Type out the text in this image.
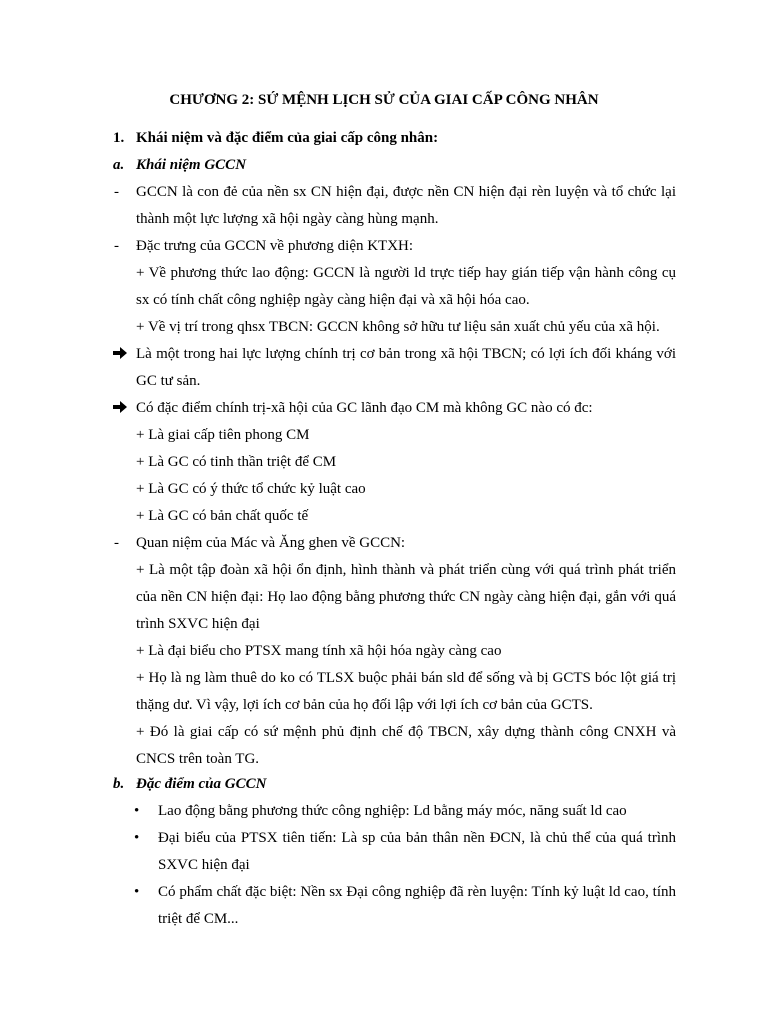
CHƯƠNG 2: SỨ MỆNH LỊCH SỬ CỦA GIAI CẤP CÔNG NHÂN
1. Khái niệm và đặc điểm của giai cấp công nhân:
a. Khái niệm GCCN
- GCCN là con đẻ của nền sx CN hiện đại, được nền CN hiện đại rèn luyện và tổ chức lại
thành một lực lượng xã hội ngày càng hùng mạnh.
- Đặc trưng của GCCN về phương diện KTXH:
+ Về phương thức lao động: GCCN là người ld trực tiếp hay gián tiếp vận hành công cụ
sx có tính chất công nghiệp ngày càng hiện đại và xã hội hóa cao.
+ Về vị trí trong qhsx TBCN: GCCN không sở hữu tư liệu sản xuất chủ yếu của xã hội.
Là một trong hai lực lượng chính trị cơ bản trong xã hội TBCN; có lợi ích đối kháng với
GC tư sản.
Có đặc điểm chính trị-xã hội của GC lãnh đạo CM mà không GC nào có đc:
+ Là giai cấp tiên phong CM
+ Là GC có tinh thần triệt để CM
+ Là GC có ý thức tổ chức kỷ luật cao
+ Là GC có bản chất quốc tế
- Quan niệm của Mác và Ăng ghen về GCCN:
+ Là một tập đoàn xã hội ổn định, hình thành và phát triển cùng với quá trình phát triển
của nền CN hiện đại: Họ lao động bằng phương thức CN ngày càng hiện đại, gắn với quá
trình SXVC hiện đại
+ Là đại biểu cho PTSX mang tính xã hội hóa ngày càng cao
+ Họ là ng làm thuê do ko có TLSX buộc phải bán sld để sống và bị GCTS bóc lột giá trị
thặng dư. Vì vậy, lợi ích cơ bản của họ đối lập với lợi ích cơ bản của GCTS.
+ Đó là giai cấp có sứ mệnh phủ định chế độ TBCN, xây dựng thành công CNXH và
CNCS trên toàn TG.
b. Đặc điểm của GCCN
• Lao động bằng phương thức công nghiệp: Ld bằng máy móc, năng suất ld cao
• Đại biểu của PTSX tiên tiến: Là sp của bản thân nền ĐCN, là chủ thể của quá trình
SXVC hiện đại
• Có phẩm chất đặc biệt: Nền sx Đại công nghiệp đã rèn luyện: Tính kỷ luật ld cao, tính
triệt để CM...
